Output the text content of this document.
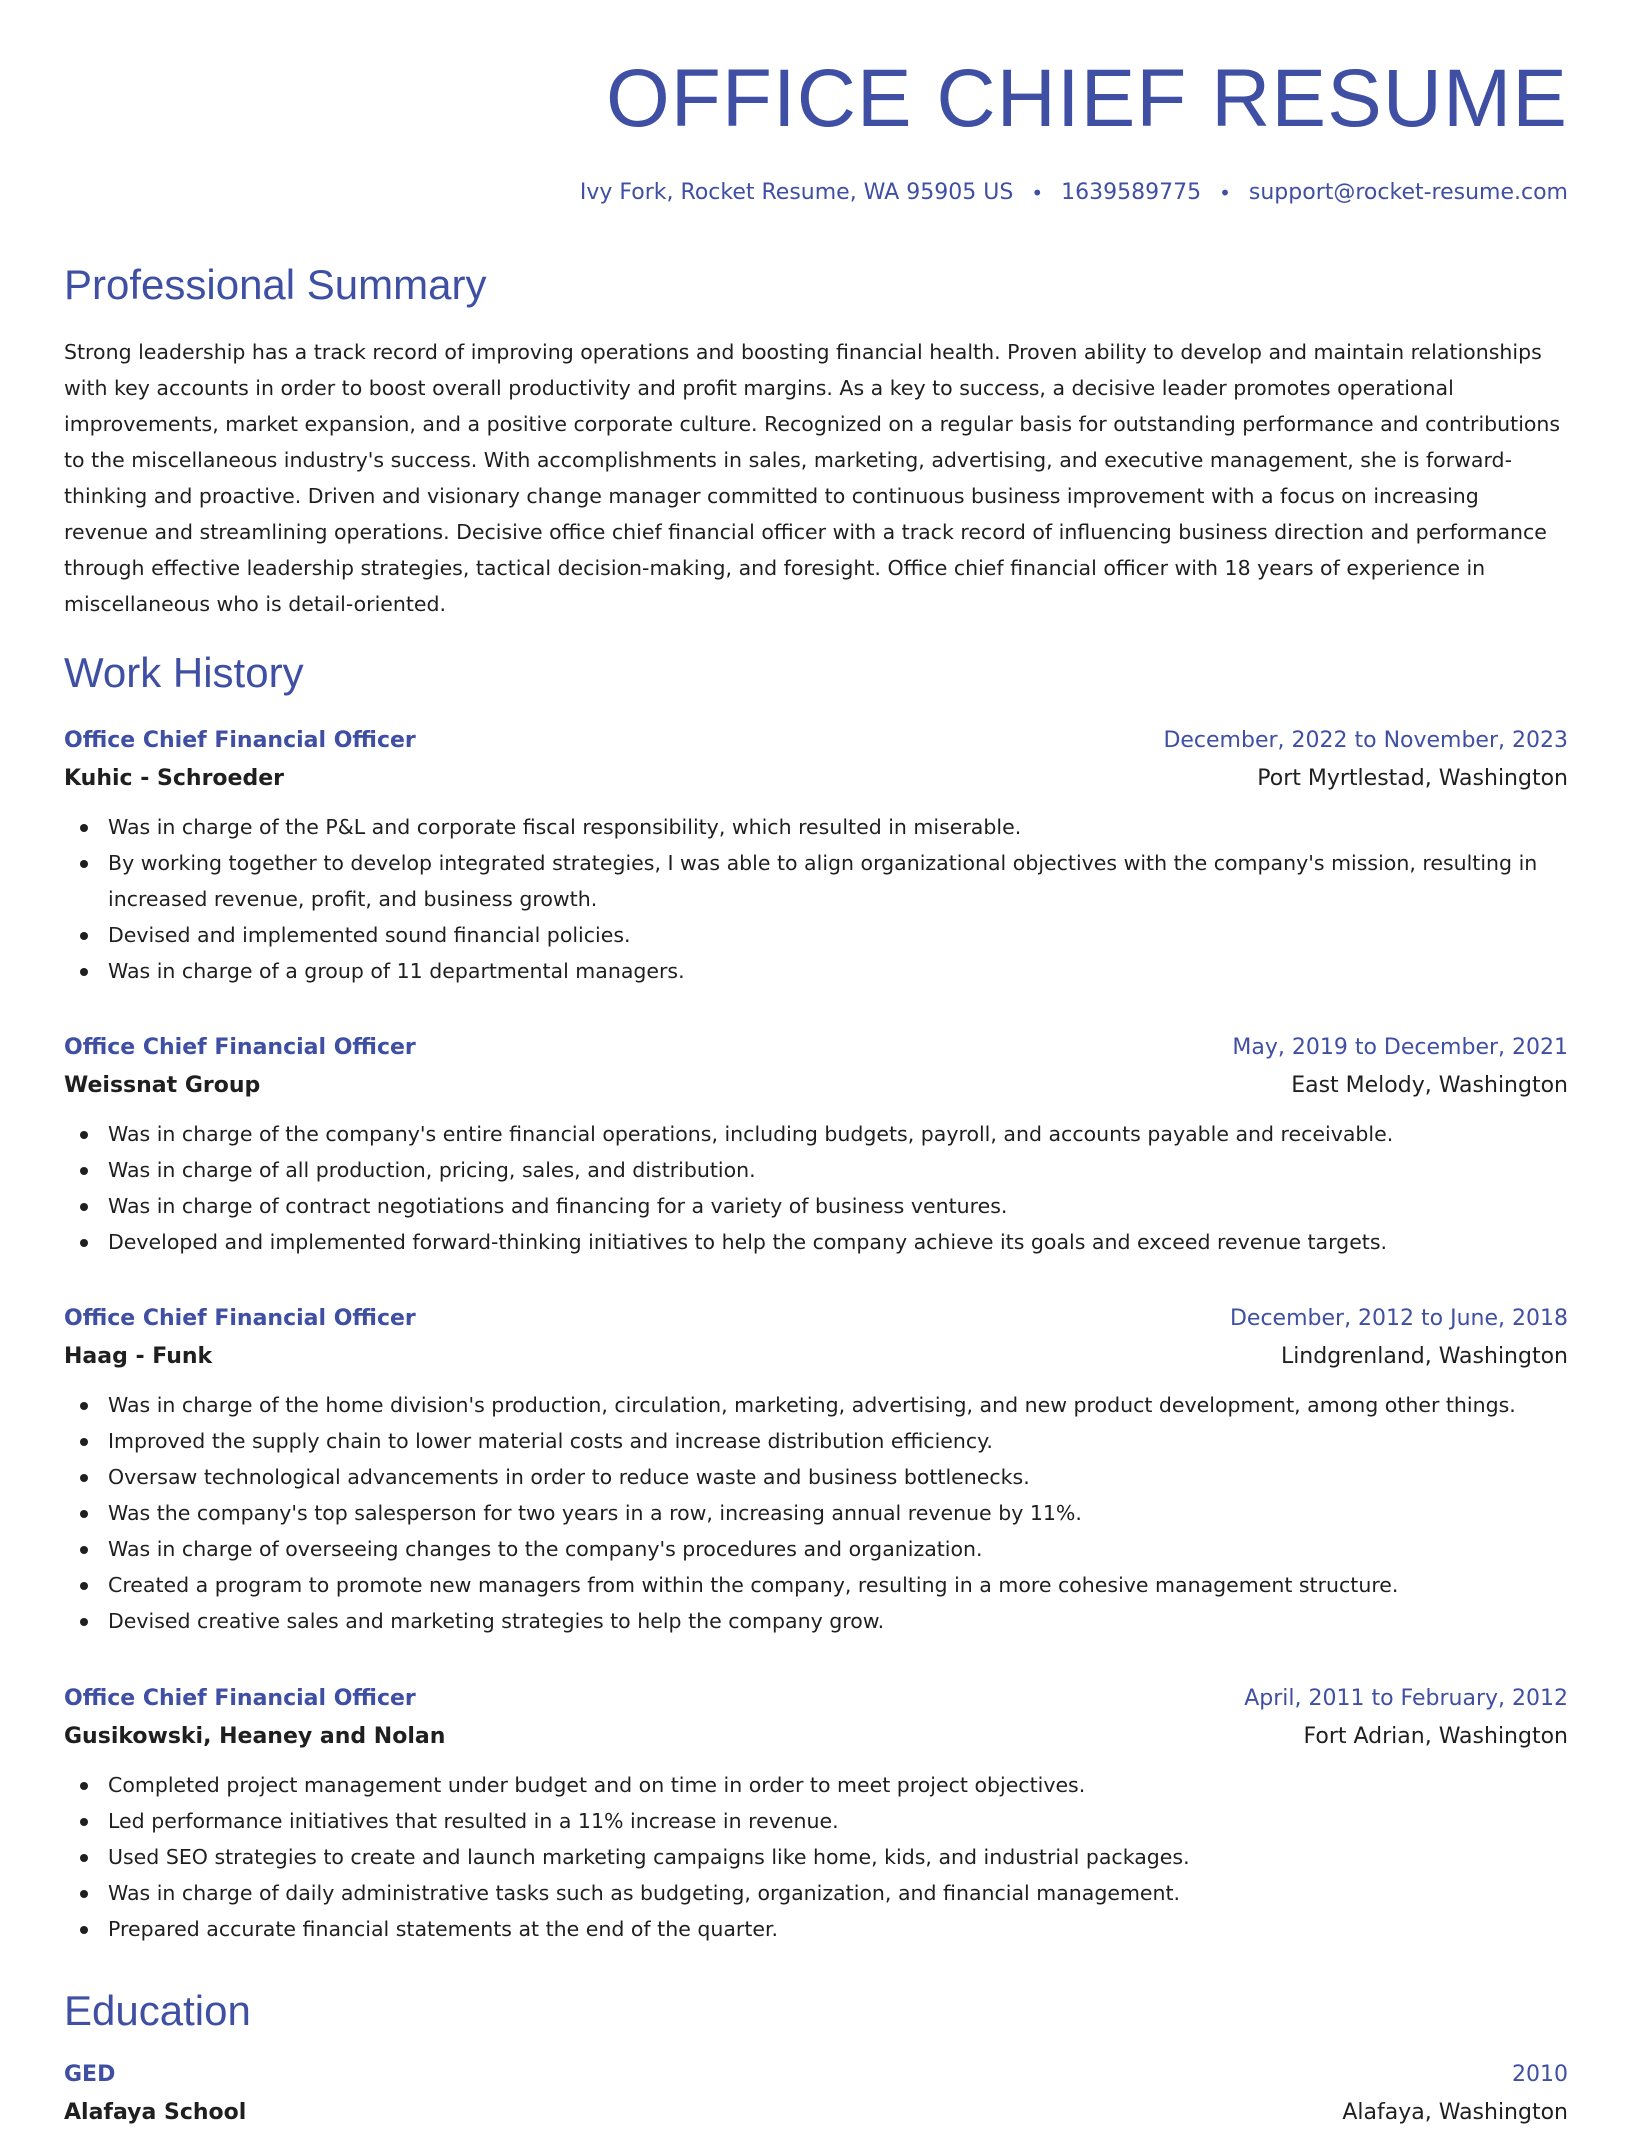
OFFICE CHIEF RESUME
Ivy Fork, Rocket Resume, WA 95905 US • 1639589775 • support@rocket-resume.com
Professional Summary

Strong leadership has a track record of improving operations and boosting financial health. Proven ability to develop and maintain relationships with key accounts in order to boost overall productivity and profit margins. As a key to success, a decisive leader promotes operational improvements, market expansion, and a positive corporate culture. Recognized on a regular basis for outstanding performance and contributions to the miscellaneous industry's success. With accomplishments in sales, marketing, advertising, and executive management, she is forward-thinking and proactive. Driven and visionary change manager committed to continuous business improvement with a focus on increasing revenue and streamlining operations. Decisive office chief financial officer with a track record of influencing business direction and performance through effective leadership strategies, tactical decision-making, and foresight. Office chief financial officer with 18 years of experience in miscellaneous who is detail-oriented.

Work History
Office Chief Financial Officer	December, 2022 to November, 2023
Kuhic - Schroeder	Port Myrtlestad, Washington
Was in charge of the P&L and corporate fiscal responsibility, which resulted in miserable.
By working together to develop integrated strategies, I was able to align organizational objectives with the company's mission, resulting in increased revenue, profit, and business growth.
Devised and implemented sound financial policies.
Was in charge of a group of 11 departmental managers.
Office Chief Financial Officer	May, 2019 to December, 2021
Weissnat Group	East Melody, Washington
Was in charge of the company's entire financial operations, including budgets, payroll, and accounts payable and receivable.
Was in charge of all production, pricing, sales, and distribution.
Was in charge of contract negotiations and financing for a variety of business ventures.
Developed and implemented forward-thinking initiatives to help the company achieve its goals and exceed revenue targets.
Office Chief Financial Officer	December, 2012 to June, 2018
Haag - Funk	Lindgrenland, Washington
Was in charge of the home division's production, circulation, marketing, advertising, and new product development, among other things.
Improved the supply chain to lower material costs and increase distribution efficiency.
Oversaw technological advancements in order to reduce waste and business bottlenecks.
Was the company's top salesperson for two years in a row, increasing annual revenue by 11%.
Was in charge of overseeing changes to the company's procedures and organization.
Created a program to promote new managers from within the company, resulting in a more cohesive management structure.
Devised creative sales and marketing strategies to help the company grow.
Office Chief Financial Officer	April, 2011 to February, 2012
Gusikowski, Heaney and Nolan	Fort Adrian, Washington
Completed project management under budget and on time in order to meet project objectives.
Led performance initiatives that resulted in a 11% increase in revenue.
Used SEO strategies to create and launch marketing campaigns like home, kids, and industrial packages.
Was in charge of daily administrative tasks such as budgeting, organization, and financial management.
Prepared accurate financial statements at the end of the quarter.
Education
GED	2010
Alafaya School	Alafaya, Washington
